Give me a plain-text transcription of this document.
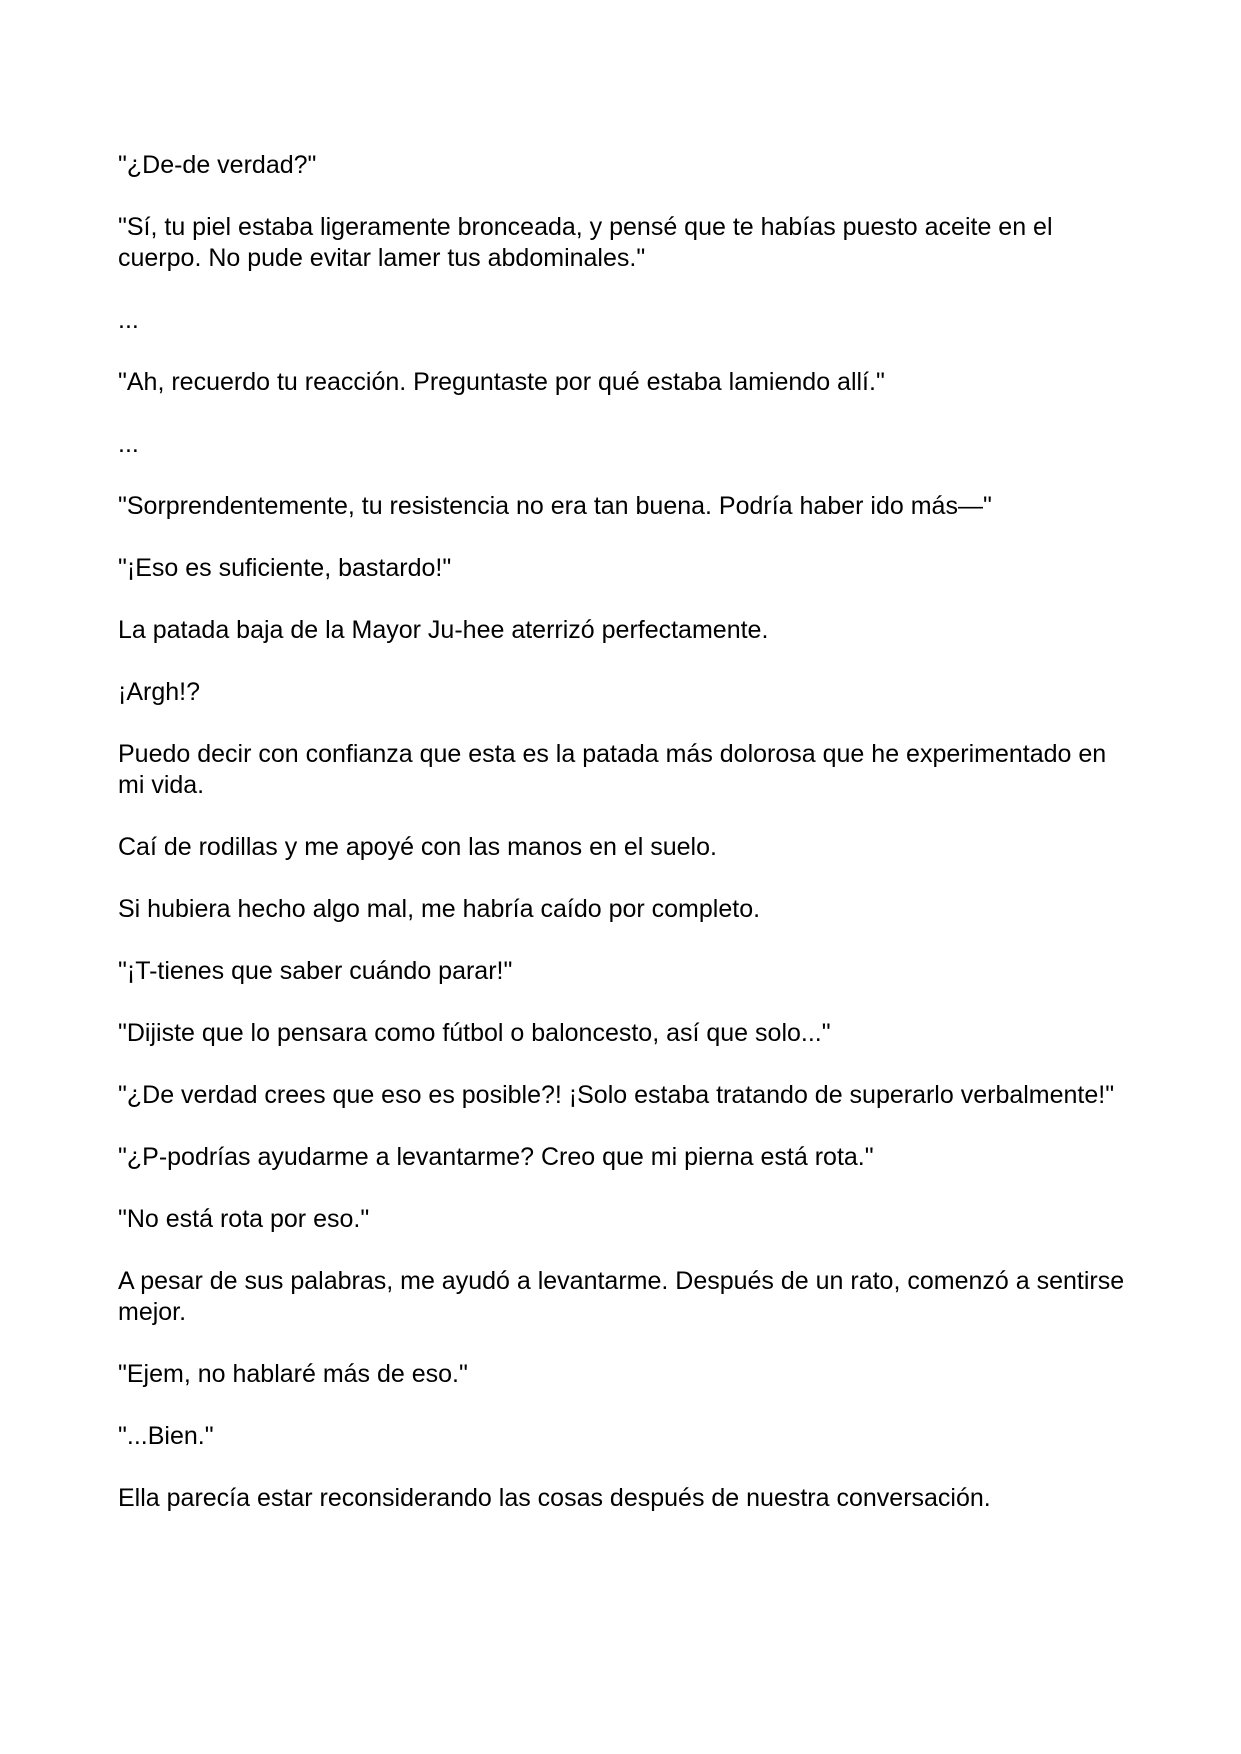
"¿De-de verdad?"

"Sí, tu piel estaba ligeramente bronceada, y pensé que te habías puesto aceite en el cuerpo. No pude evitar lamer tus abdominales."

...

"Ah, recuerdo tu reacción. Preguntaste por qué estaba lamiendo allí."

...

"Sorprendentemente, tu resistencia no era tan buena. Podría haber ido más—"

"¡Eso es suficiente, bastardo!"

La patada baja de la Mayor Ju-hee aterrizó perfectamente.

¡Argh!?

Puedo decir con confianza que esta es la patada más dolorosa que he experimentado en mi vida.

Caí de rodillas y me apoyé con las manos en el suelo.

Si hubiera hecho algo mal, me habría caído por completo.

"¡T-tienes que saber cuándo parar!"

"Dijiste que lo pensara como fútbol o baloncesto, así que solo..."

"¿De verdad crees que eso es posible?! ¡Solo estaba tratando de superarlo verbalmente!"

"¿P-podrías ayudarme a levantarme? Creo que mi pierna está rota."

"No está rota por eso."

A pesar de sus palabras, me ayudó a levantarme. Después de un rato, comenzó a sentirse mejor.

"Ejem, no hablaré más de eso."

"...Bien."

Ella parecía estar reconsiderando las cosas después de nuestra conversación.
